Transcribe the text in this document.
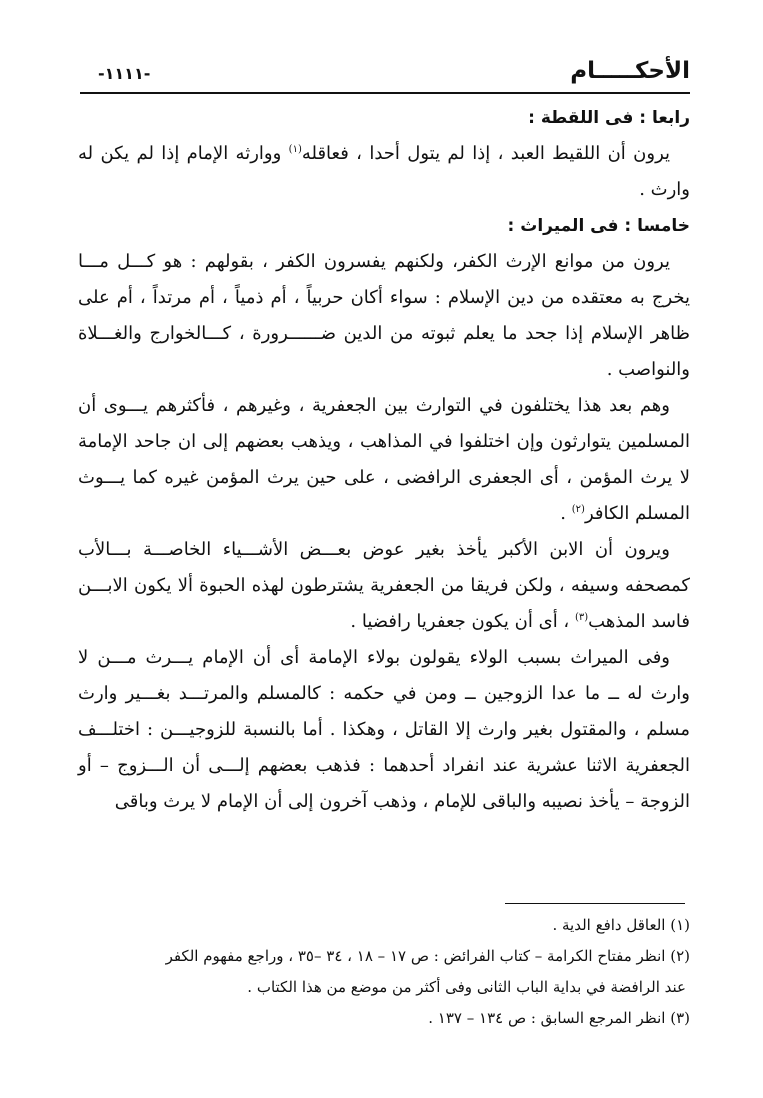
الأحكـــــام
-١١١١-
رابعا : فى اللقطة :

يرون أن اللقيط العبد ، إذا لم يتول أحدا ، فعاقله$^{(١)}$ ووارثه الإمام إذا لم يكن له وارث .

خامسا : فى الميراث :

يرون من موانع الإرث الكفر، ولكنهم يفسرون الكفر ، بقولهم : هو كـــل مـــا يخرج به معتقده من دين الإسلام : سواء أكان حربياً ، أم ذمياً ، أم مرتداً ، أم على ظاهر الإسلام إذا جحد ما يعلم ثبوته من الدين ضــــــرورة ، كـــالخوارج والغـــلاة والنواصب .

وهم بعد هذا يختلفون في التوارث بين الجعفرية ، وغيرهم ، فأكثرهم يـــوى أن المسلمين يتوارثون وإن اختلفوا في المذاهب ، ويذهب بعضهم إلى ان جاحد الإمامة لا يرث المؤمن ، أى الجعفرى الرافضى ، على حين يرث المؤمن غيره كما يـــوث المسلم الكافر$^{(٢)}$ .

ويرون أن الابن الأكبر يأخذ بغير عوض بعـــض الأشـــياء الخاصـــة بـــالأب كمصحفه وسيفه ، ولكن فريقا من الجعفرية يشترطون لهذه الحبوة ألا يكون الابـــن فاسد المذهب$^{(٣)}$ ، أى أن يكون جعفريا رافضيا .

وفى الميراث بسبب الولاء يقولون بولاء الإمامة أى أن الإمام يـــرث مـــن لا وارث له ــ ما عدا الزوجين ــ ومن في حكمه : كالمسلم والمرتـــد بغـــير وارث مسلم ، والمقتول بغير وارث إلا القاتل ، وهكذا . أما بالنسبة للزوجيـــن : اختلـــف الجعفرية الاثنا عشرية عند انفراد أحدهما : فذهب بعضهم إلـــى أن الـــزوج – أو الزوجة – يأخذ نصيبه والباقى للإمام ، وذهب آخرون إلى أن الإمام لا يرث وباقى

(١) العاقل دافع الدية .
(٢) انظر مفتاح الكرامة – كتاب الفرائض : ص ١٧ – ١٨ ، ٣٤ –٣٥ ، وراجع مفهوم الكفر
عند الرافضة في بداية الباب الثانى وفى أكثر من موضع من هذا الكتاب .
(٣) انظر المرجع السابق : ص ١٣٤ – ١٣٧ .
